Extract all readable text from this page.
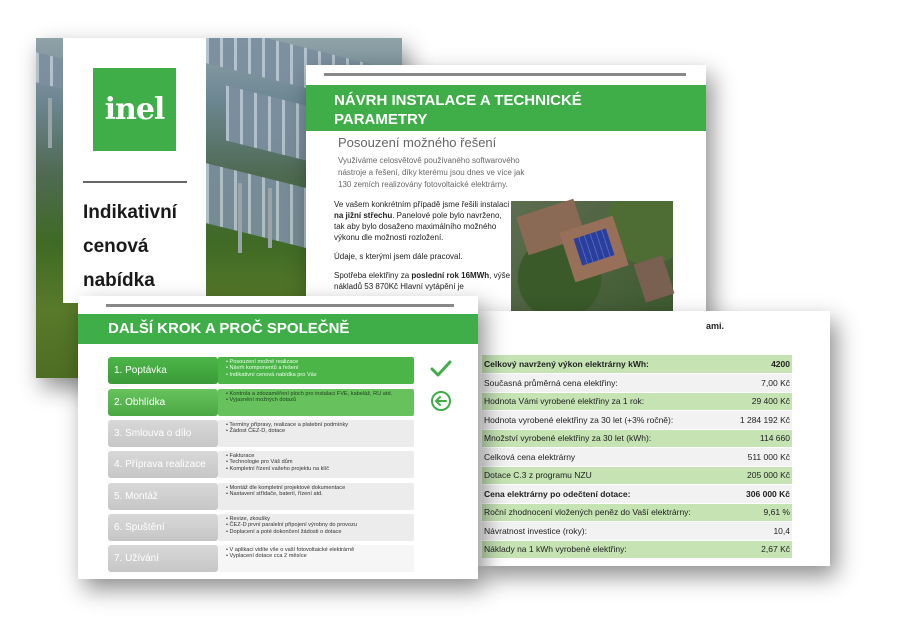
inel
Indikativní
cenová
nabídka
NÁVRH INSTALACE A TECHNICKÉ PARAMETRY
Posouzení možného řešení
Využíváme celosvětově používaného softwarového nástroje a řešení, díky kterému jsou dnes ve více jak 130 zemích realizovány fotovoltaické elektrárny.

Ve vašem konkrétním případě jsme řešili instalaci na jižní střechu. Panelové pole bylo navrženo, tak aby bylo dosaženo maximálního možného výkonu dle možnosti rozložení.

Údaje, s kterými jsem dále pracoval.

Spotřeba elektřiny za poslední rok 16MWh, výše nákladů 53 870Kč Hlavní vytápění je

ami.
Celkový navržený výkon elektrárny kWh:	4200
Současná průměrná cena elektřiny:	7,00 Kč
Hodnota Vámi vyrobené elektřiny za 1 rok:	29 400 Kč
Hodnota vyrobené elektřiny za 30 let (+3% ročně):	1 284 192 Kč
Množství vyrobené elektřiny za 30 let (kWh):	114 660
Celková cena elektrárny	511 000 Kč
Dotace C.3 z programu NZU	205 000 Kč
Cena elektrárny po odečtení dotace:	306 000 Kč
Roční zhodnocení vložených peněz do Vaší elektrárny:	9,61 %
Návratnost investice (roky):	10,4
Náklady na 1 kWh vyrobené elektřiny:	2,67 Kč
DALŠÍ KROK A PROČ SPOLEČNĚ
1. Poptávka
• Posouzení možné realizace
• Návrh komponentů a řešení
• Indikativní cenová nabídka pro Vás
2. Obhlídka
• Kontrola a zdozaměření ploch pro instalaci FVE, kabeláž, RU atd.
• Vyjasnění možných dotazů
3. Smlouva o dílo
• Termíny přípravy, realizace a platební podmínky
• Žádost ČEZ-D, dotace
4. Příprava realizace
• Fakturace
• Technologie pro Váš dům
• Kompletní řízení vašeho projektu na klíč
5. Montáž
• Montáž dle kompletní projektové dokumentace
• Nastavení střídače, baterií, řízení atd.
6. Spuštění
• Revize, zkoušky
• ČEZ-D první paralelní připojení výrobny do provozu
• Doplacení a poté dokončení žádosti o dotace
7. Užívání
• V aplikaci vidíte vše o vaší fotovoltaické elektrárně
• Vyplacení dotace cca 2 měsíce
